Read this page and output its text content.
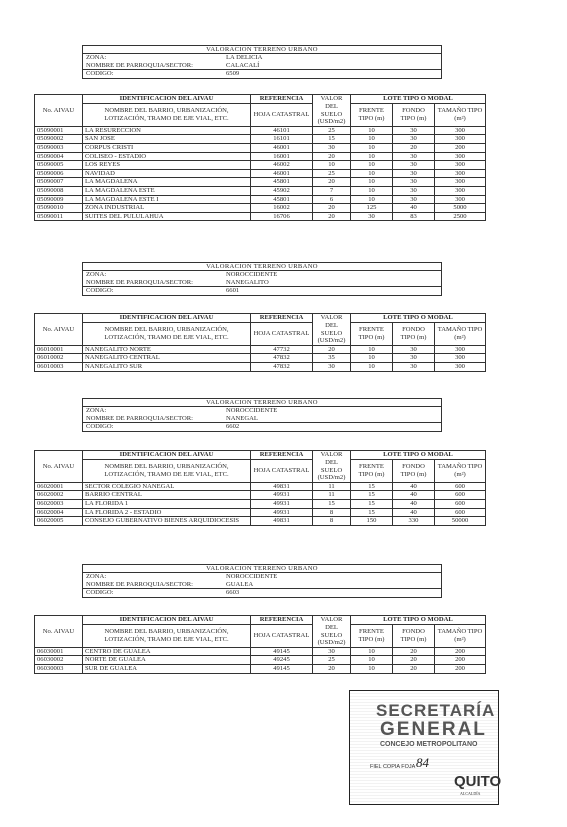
VALORACION TERRENO URBANO
ZONA:	LA DELICIA
NOMBRE DE PARROQUIA/SECTOR:	CALACALÍ
CODIGO:	6509
No. AIVAU	IDENTIFICACION DEL AIVAU	REFERENCIA	VALOR	LOTE TIPO O MODAL		
	NOMBRE DEL BARRIO, URBANIZACIÓN, LOTIZACIÓN, TRAMO DE EJE VIAL, ETC.	HOJA CATASTRAL	DEL SUELO (USD/m2)	FRENTE TIPO (m)	FONDO TIPO (m)	TAMAÑO TIPO (m²)
05090001	LA RESURECCION	46101	25	10	30	300
05090002	SAN JOSE	16101	15	10	30	300
05090003	CORPUS CRISTI	46001	30	10	20	200
05090004	COLISEO - ESTADIO	16001	20	10	30	300
05090005	LOS REYES	46002	10	10	30	300
05090006	NAVIDAD	46001	25	10	30	300
05090007	LA MAGDALENA	45801	20	10	30	300
05090008	LA MAGDALENA ESTE	45902	7	10	30	300
05090009	LA MAGDALENA ESTE I	45801	6	10	30	300
05090010	ZONA INDUSTRIAL	16002	20	125	40	5000
05090011	SUITES DEL PULULAHUA	16706	20	30	83	2500
VALORACION TERRENO URBANO
ZONA:	NOROCCIDENTE
NOMBRE DE PARROQUIA/SECTOR:	NANEGALITO
CODIGO:	6601
No. AIVAU	IDENTIFICACION DEL AIVAU	REFERENCIA	VALOR	LOTE TIPO O MODAL		
	NOMBRE DEL BARRIO, URBANIZACIÓN, LOTIZACIÓN, TRAMO DE EJE VIAL, ETC.	HOJA CATASTRAL	DEL SUELO (USD/m2)	FRENTE TIPO (m)	FONDO TIPO (m)	TAMAÑO TIPO (m²)
06010001	NANEGALITO NORTE	47732	20	10	30	300
06010002	NANEGALITO CENTRAL	47832	35	10	30	300
06010003	NANEGALITO SUR	47832	30	10	30	300
VALORACION TERRENO URBANO
ZONA:	NOROCCIDENTE
NOMBRE DE PARROQUIA/SECTOR:	NANEGAL
CODIGO:	6602
No. AIVAU	IDENTIFICACION DEL AIVAU	REFERENCIA	VALOR	LOTE TIPO O MODAL		
	NOMBRE DEL BARRIO, URBANIZACIÓN, LOTIZACIÓN, TRAMO DE EJE VIAL, ETC.	HOJA CATASTRAL	DEL SUELO (USD/m2)	FRENTE TIPO (m)	FONDO TIPO (m)	TAMAÑO TIPO (m²)
06020001	SECTOR COLEGIO NANEGAL	49831	11	15	40	600
06020002	BARRIO CENTRAL	49931	11	15	40	600
06020003	LA FLORIDA 1	49931	15	15	40	600
06020004	LA FLORIDA 2 - ESTADIO	49931	8	15	40	600
06020005	CONSEJO GUBERNATIVO BIENES ARQUIDIOCESIS	49831	8	150	330	50000
VALORACION TERRENO URBANO
ZONA:	NOROCCIDENTE
NOMBRE DE PARROQUIA/SECTOR:	GUALEA
CODIGO:	6603
No. AIVAU	IDENTIFICACION DEL AIVAU	REFERENCIA	VALOR	LOTE TIPO O MODAL		
	NOMBRE DEL BARRIO, URBANIZACIÓN, LOTIZACIÓN, TRAMO DE EJE VIAL, ETC.	HOJA CATASTRAL	DEL SUELO (USD/m2)	FRENTE TIPO (m)	FONDO TIPO (m)	TAMAÑO TIPO (m²)
06030001	CENTRO DE GUALEA	49145	30	10	20	200
06030002	NORTE DE GUALEA	49245	25	10	20	200
06030003	SUR DE GUALEA	49145	20	10	20	200
SECRETARÍA
GENERAL
CONCEJO METROPOLITANO
FIEL COPIA FOJA 84
QUITO
ALCALDÍA
